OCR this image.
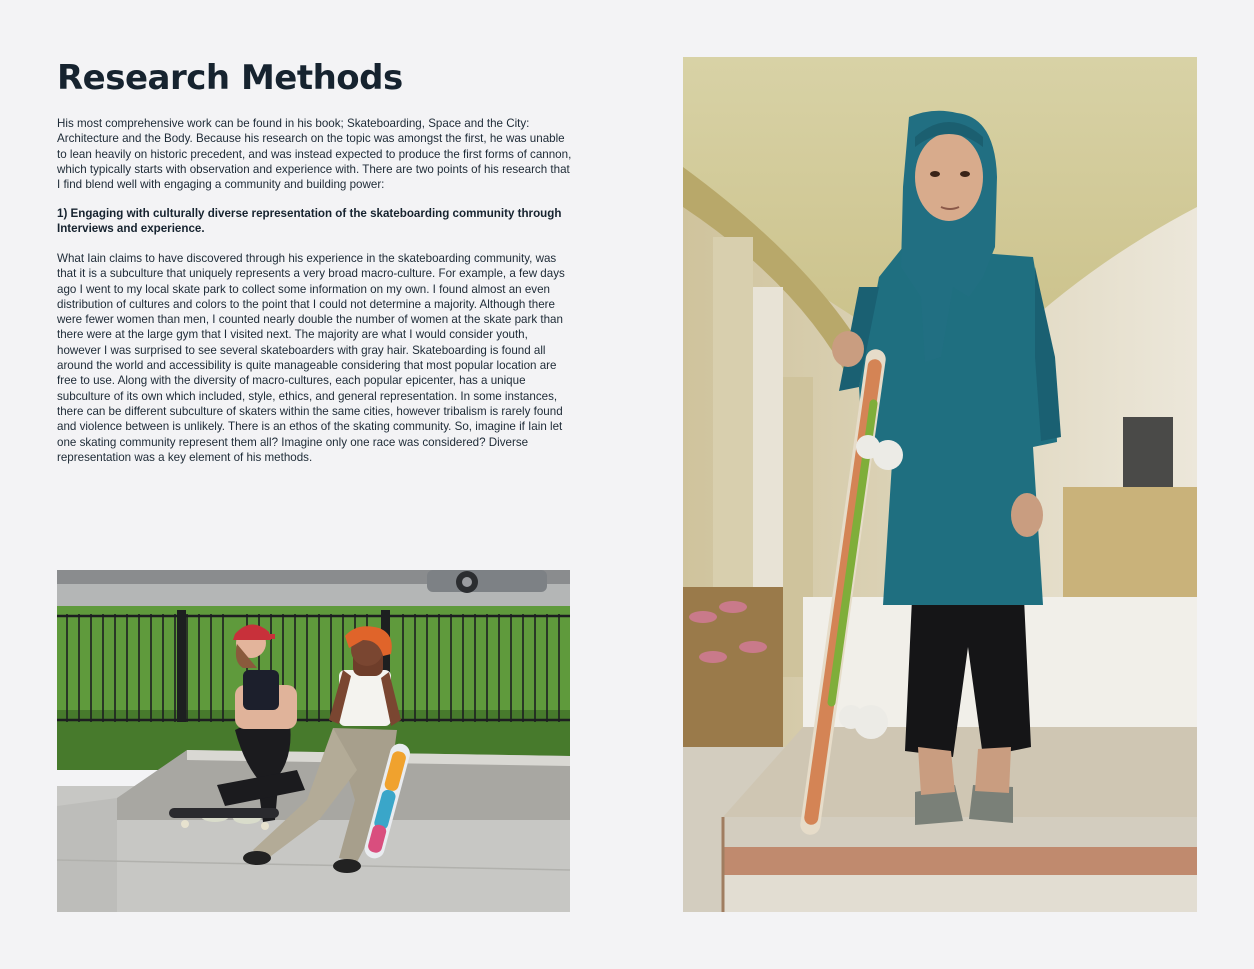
Research Methods

His most comprehensive work can be found in his book; Skateboarding, Space and the City: Architecture and the Body. Because his research on the topic was amongst the first, he was unable to lean heavily on historic precedent, and was instead expected to produce the first forms of cannon, which typically starts with observation and experience with. There are two points of his research that I find blend well with engaging a community and building power:

1) Engaging with culturally diverse representation of the skateboarding community through Interviews and experience.

What Iain claims to have discovered through his experience in the skateboarding community, was that it is a subculture that uniquely represents a very broad macro-culture. For example, a few days ago I went to my local skate park to collect some information on my own. I found almost an even distribution of cultures and colors to the point that I could not determine a majority. Although there were fewer women than men, I counted nearly double the number of women at the skate park than there were at the large gym that I visited next. The majority are what I would consider youth, however I was surprised to see several skateboarders with gray hair. Skateboarding is found all around the world and accessibility is quite manageable considering that most popular location are free to use. Along with the diversity of macro-cultures, each popular epicenter, has a unique subculture of its own which included, style, ethics, and general representation. In some instances, there can be different subculture of skaters within the same cities, however tribalism is rarely found and violence between is unlikely. There is an ethos of the skating community. So, imagine if Iain let one skating community represent them all? Imagine only one race was considered? Diverse representation was a key element of his methods.
